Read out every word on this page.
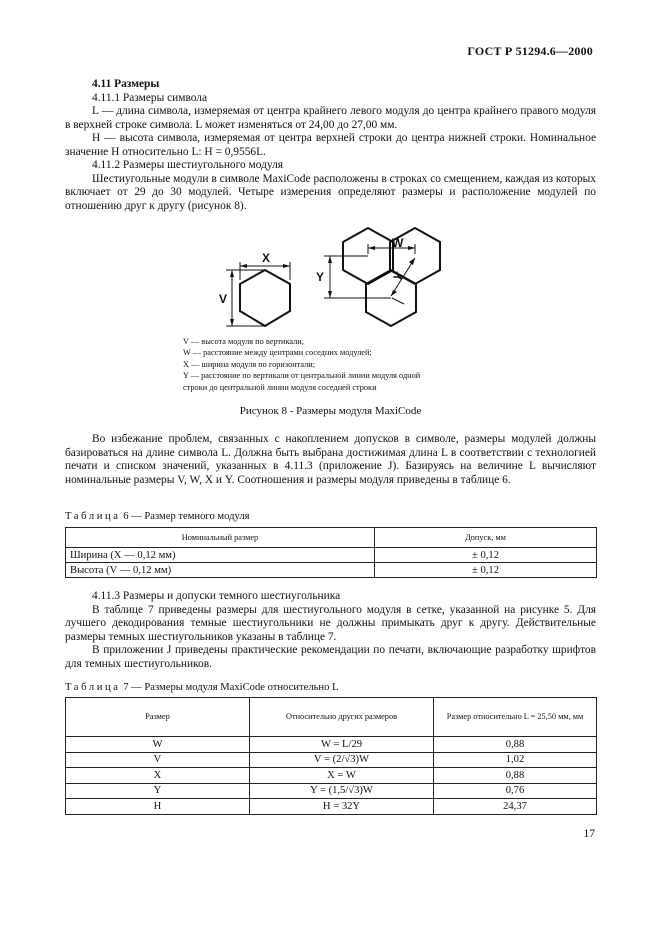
ГОСТ Р 51294.6—2000

4.11 Размеры

4.11.1 Размеры символа

L — длина символа, измеряемая от центра крайнего левого модуля до центра крайнего правого модуля в верхней строке символа. L может изменяться от 24,00 до 27,00 мм.

H — высота символа, измеряемая от центра верхней строки до центра нижней строки. Номинальное значение H относительно L: H = 0,9556L.

4.11.2 Размеры шестиугольного модуля

Шестиугольные модули в символе MaxiCode расположены в строках со смещением, каждая из которых включает от 29 до 30 модулей. Четыре измерения определяют размеры и расположение модулей по отношению друг к другу (рисунок 8).

X
V
Y
W
Y
V — высота модуля по вертикали,
W — расстояние между центрами соседних модулей;
X — ширина модуля по горизонтали;
Y — расстояние по вертикали от центральной линии модуля одной
строки до центральной линии модуля соседней строки
Рисунок 8 - Размеры модуля MaxiCode

Во избежание проблем, связанных с накоплением допусков в символе, размеры модулей должны базироваться на длине символа L. Должна быть выбрана достижимая длина L в соответствии с технологией печати и списком значений, указанных в 4.11.3 (приложение J). Базируясь на величине L вычисляют номинальные размеры V, W, X и Y. Соотношения и размеры модуля приведены в таблице 6.

Таблица 6 — Размер темного модуля
Номинальный размер	Допуск, мм
Ширина (X — 0,12 мм)	± 0,12
Высота (V — 0,12 мм)	± 0,12

4.11.3 Размеры и допуски темного шестиугольника

В таблице 7 приведены размеры для шестиугольного модуля в сетке, указанной на рисунке 5. Для лучшего декодирования темные шестиугольники не должны примыкать друг к другу. Действительные размеры темных шестиугольников указаны в таблице 7.

В приложении J приведены практические рекомендации по печати, включающие разработку шрифтов для темных шестиугольников.

Таблица 7 — Размеры модуля MaxiCode относительно L
Размер	Относительно других размеров	Размер относительно L = 25,50 мм, мм
W	W = L/29	0,88
V	V = (2/√3)W	1,02
X	X = W	0,88
Y	Y = (1,5/√3)W	0,76
H	H = 32Y	24,37
17
